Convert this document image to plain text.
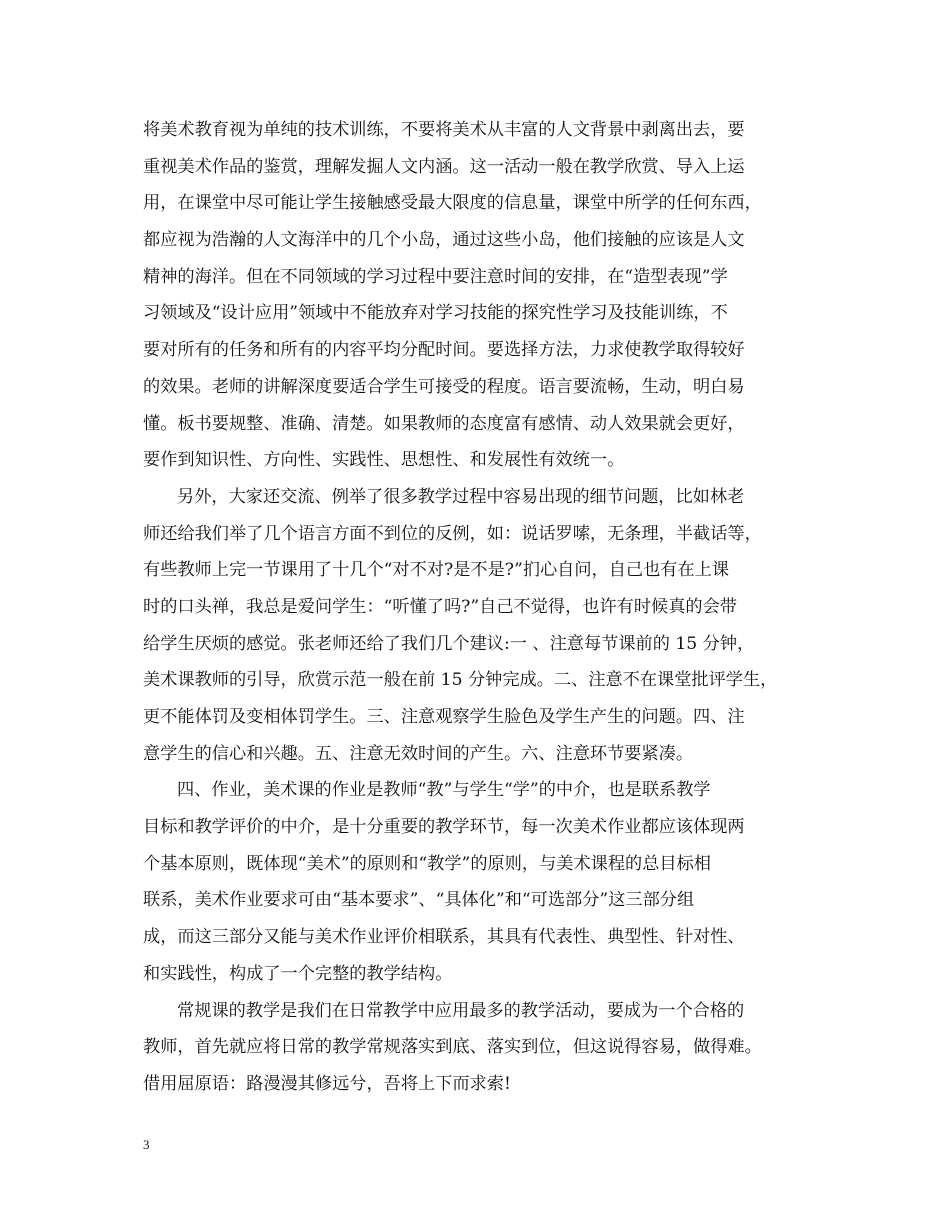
将美术教育视为单纯的技术训练，不要将美术从丰富的人文背景中剥离出去，要
重视美术作品的鉴赏，理解发掘人文内涵。这一活动一般在教学欣赏、导入上运
用，在课堂中尽可能让学生接触感受最大限度的信息量，课堂中所学的任何东西，
都应视为浩瀚的人文海洋中的几个小岛，通过这些小岛，他们接触的应该是人文
精神的海洋。但在不同领域的学习过程中要注意时间的安排，在“造型表现”学
习领域及“设计应用”领域中不能放弃对学习技能的探究性学习及技能训练，不
要对所有的任务和所有的内容平均分配时间。要选择方法，力求使教学取得较好
的效果。老师的讲解深度要适合学生可接受的程度。语言要流畅，生动，明白易
懂。板书要规整、准确、清楚。如果教师的态度富有感情、动人效果就会更好，
要作到知识性、方向性、实践性、思想性、和发展性有效统一。
另外，大家还交流、例举了很多教学过程中容易出现的细节问题，比如林老
师还给我们举了几个语言方面不到位的反例，如：说话罗嗦，无条理，半截话等，
有些教师上完一节课用了十几个“对不对?是不是?”扪心自问，自己也有在上课
时的口头禅，我总是爱问学生：“听懂了吗?”自己不觉得，也许有时候真的会带
给学生厌烦的感觉。张老师还给了我们几个建议:一 、注意每节课前的 15 分钟，
美术课教师的引导，欣赏示范一般在前 15 分钟完成。二、注意不在课堂批评学生，
更不能体罚及变相体罚学生。三、注意观察学生脸色及学生产生的问题。四、注
意学生的信心和兴趣。五、注意无效时间的产生。六、注意环节要紧凑。
四、作业，美术课的作业是教师“教”与学生“学”的中介，也是联系教学
目标和教学评价的中介，是十分重要的教学环节，每一次美术作业都应该体现两
个基本原则，既体现“美术”的原则和“教学”的原则，与美术课程的总目标相
联系，美术作业要求可由“基本要求”、“具体化”和“可选部分”这三部分组
成，而这三部分又能与美术作业评价相联系，其具有代表性、典型性、针对性、
和实践性，构成了一个完整的教学结构。
常规课的教学是我们在日常教学中应用最多的教学活动，要成为一个合格的
教师，首先就应将日常的教学常规落实到底、落实到位，但这说得容易，做得难。
借用屈原语：路漫漫其修远兮，吾将上下而求索!
3
